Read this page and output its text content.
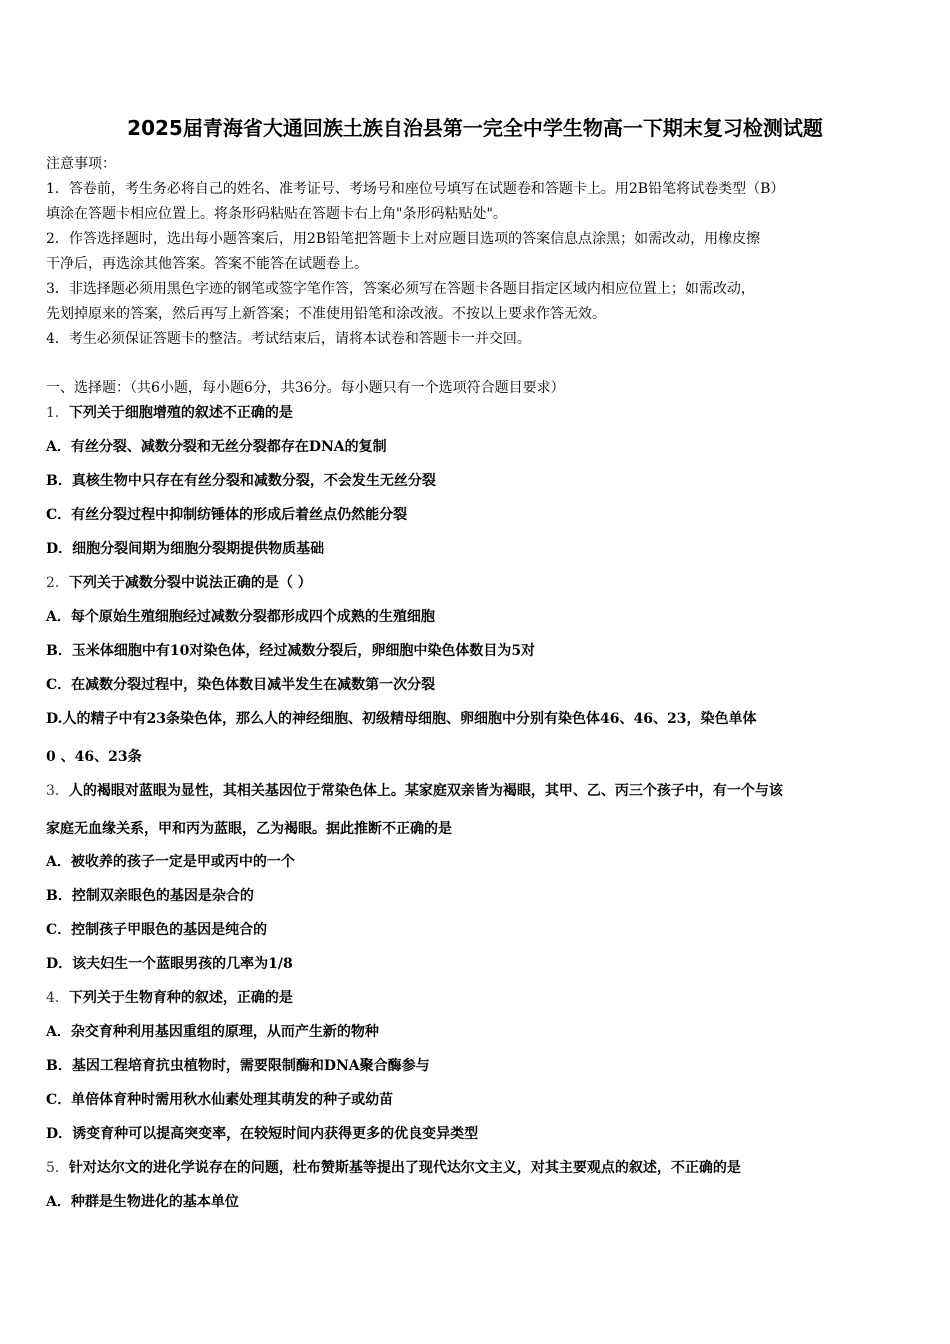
2025届青海省大通回族土族自治县第一完全中学生物高一下期末复习检测试题
注意事项：
1．答卷前，考生务必将自己的姓名、准考证号、考场号和座位号填写在试题卷和答题卡上。用2B铅笔将试卷类型（B）
填涂在答题卡相应位置上。将条形码粘贴在答题卡右上角"条形码粘贴处"。
2．作答选择题时，选出每小题答案后，用2B铅笔把答题卡上对应题目选项的答案信息点涂黑；如需改动，用橡皮擦
干净后，再选涂其他答案。答案不能答在试题卷上。
3．非选择题必须用黑色字迹的钢笔或签字笔作答，答案必须写在答题卡各题目指定区域内相应位置上；如需改动，
先划掉原来的答案，然后再写上新答案；不准使用铅笔和涂改液。不按以上要求作答无效。
4．考生必须保证答题卡的整洁。考试结束后，请将本试卷和答题卡一并交回。
一、选择题：（共6小题，每小题6分，共36分。每小题只有一个选项符合题目要求）
1．下列关于细胞增殖的叙述不正确的是
A．有丝分裂、减数分裂和无丝分裂都存在DNA的复制
B．真核生物中只存在有丝分裂和减数分裂，不会发生无丝分裂
C．有丝分裂过程中抑制纺锤体的形成后着丝点仍然能分裂
D．细胞分裂间期为细胞分裂期提供物质基础
2．下列关于减数分裂中说法正确的是（ ）
A．每个原始生殖细胞经过减数分裂都形成四个成熟的生殖细胞
B．玉米体细胞中有10对染色体，经过减数分裂后，卵细胞中染色体数目为5对
C．在减数分裂过程中，染色体数目减半发生在减数第一次分裂
D.人的精子中有23条染色体，那么人的神经细胞、初级精母细胞、卵细胞中分别有染色体46、46、23，染色单体
0 、46、23条
3．人的褐眼对蓝眼为显性，其相关基因位于常染色体上。某家庭双亲皆为褐眼，其甲、乙、丙三个孩子中，有一个与该
家庭无血缘关系，甲和丙为蓝眼，乙为褐眼。据此推断不正确的是
A．被收养的孩子一定是甲或丙中的一个
B．控制双亲眼色的基因是杂合的
C．控制孩子甲眼色的基因是纯合的
D．该夫妇生一个蓝眼男孩的几率为1/8
4．下列关于生物育种的叙述，正确的是
A．杂交育种利用基因重组的原理，从而产生新的物种
B．基因工程培育抗虫植物时，需要限制酶和DNA聚合酶参与
C．单倍体育种时需用秋水仙素处理其萌发的种子或幼苗
D．诱变育种可以提高突变率，在较短时间内获得更多的优良变异类型
5．针对达尔文的进化学说存在的问题，杜布赞斯基等提出了现代达尔文主义，对其主要观点的叙述，不正确的是
A．种群是生物进化的基本单位
